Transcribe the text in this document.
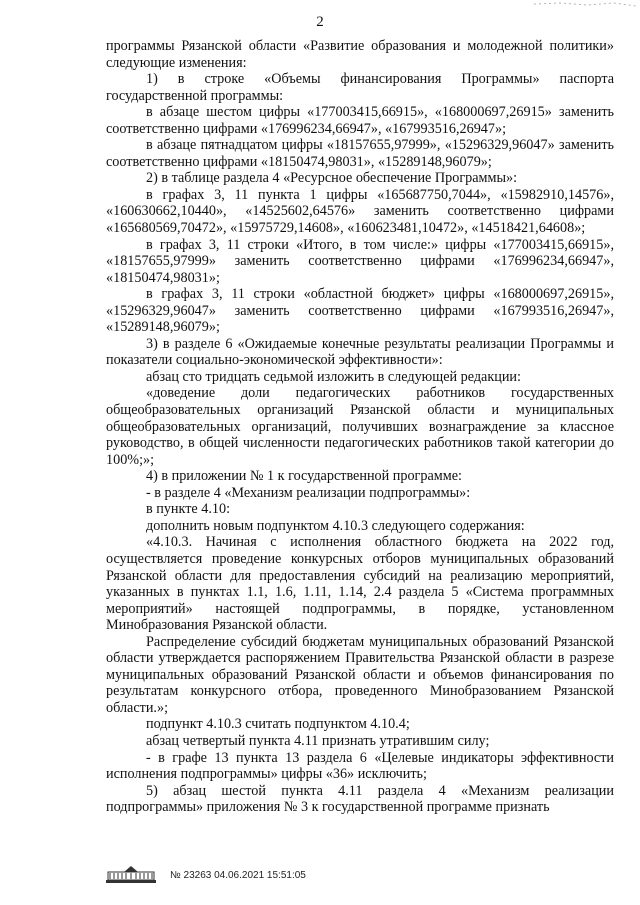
2

программы Рязанской области «Развитие образования и молодежной политики» следующие изменения:

1) в строке «Объемы финансирования Программы» паспорта государственной программы:

в абзаце шестом цифры «177003415,66915», «168000697,26915» заменить соответственно цифрами «176996234,66947», «167993516,26947»;

в абзаце пятнадцатом цифры «18157655,97999», «15296329,96047» заменить соответственно цифрами «18150474,98031», «15289148,96079»;

2) в таблице раздела 4 «Ресурсное обеспечение Программы»:

в графах 3, 11 пункта 1 цифры «165687750,7044», «15982910,14576», «160630662,10440», «14525602,64576» заменить соответственно цифрами «165680569,70472», «15975729,14608», «160623481,10472», «14518421,64608»;

в графах 3, 11 строки «Итого, в том числе:» цифры «177003415,66915», «18157655,97999» заменить соответственно цифрами «176996234,66947», «18150474,98031»;

в графах 3, 11 строки «областной бюджет» цифры «168000697,26915», «15296329,96047» заменить соответственно цифрами «167993516,26947», «15289148,96079»;

3) в разделе 6 «Ожидаемые конечные результаты реализации Программы и показатели социально-экономической эффективности»:

абзац сто тридцать седьмой изложить в следующей редакции:

«доведение доли педагогических работников государственных общеобразовательных организаций Рязанской области и муниципальных общеобразовательных организаций, получивших вознаграждение за классное руководство, в общей численности педагогических работников такой категории до 100%;»;

4) в приложении № 1 к государственной программе:

- в разделе 4 «Механизм реализации подпрограммы»:

в пункте 4.10:

дополнить новым подпунктом 4.10.3 следующего содержания:

«4.10.3. Начиная с исполнения областного бюджета на 2022 год, осуществляется проведение конкурсных отборов муниципальных образований Рязанской области для предоставления субсидий на реализацию мероприятий, указанных в пунктах 1.1, 1.6, 1.11, 1.14, 2.4 раздела 5 «Система программных мероприятий» настоящей подпрограммы, в порядке, установленном Минобразования Рязанской области.

Распределение субсидий бюджетам муниципальных образований Рязанской области утверждается распоряжением Правительства Рязанской области в разрезе муниципальных образований Рязанской области и объемов финансирования по результатам конкурсного отбора, проведенного Минобразованием Рязанской области.»;

подпункт 4.10.3 считать подпунктом 4.10.4;

абзац четвертый пункта 4.11 признать утратившим силу;

- в графе 13 пункта 13 раздела 6 «Целевые индикаторы эффективности исполнения подпрограммы» цифры «36» исключить;

5) абзац шестой пункта 4.11 раздела 4 «Механизм реализации подпрограммы» приложения № 3 к государственной программе признать

№ 23263 04.06.2021 15:51:05
